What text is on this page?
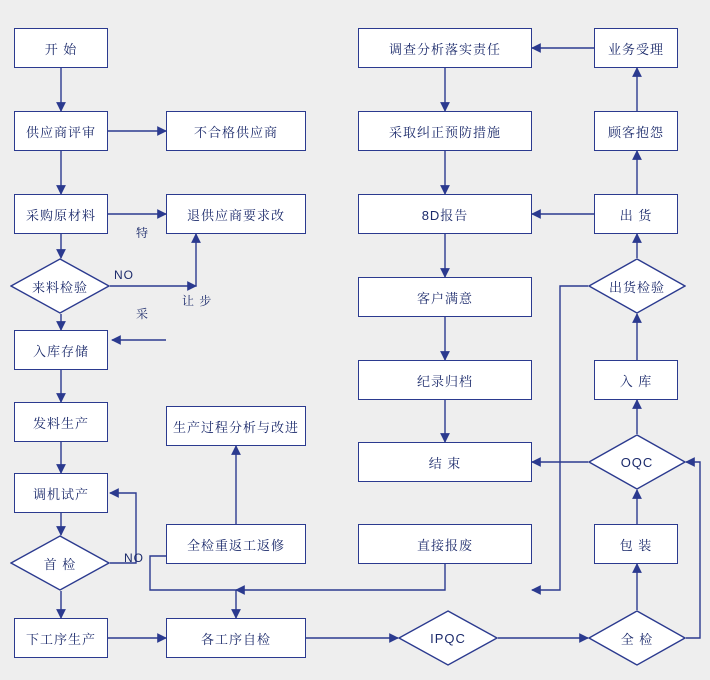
开 始
供应商评审	不合格供应商
采购原材料	退供应商要求改
来料检验
入库存储
发料生产
调机试产
首 检
下工序生产
生产过程分析与改进
全检重返工返修
各工序自检
直接报废
IPQC
调查分析落实责任
采取纠正预防措施
8D报告
客户满意
纪录归档
结 束
业务受理
顾客抱怨
出 货
出货检验
入 库
OQC
包 装
全 检
NO
特
采
让 步
NO
